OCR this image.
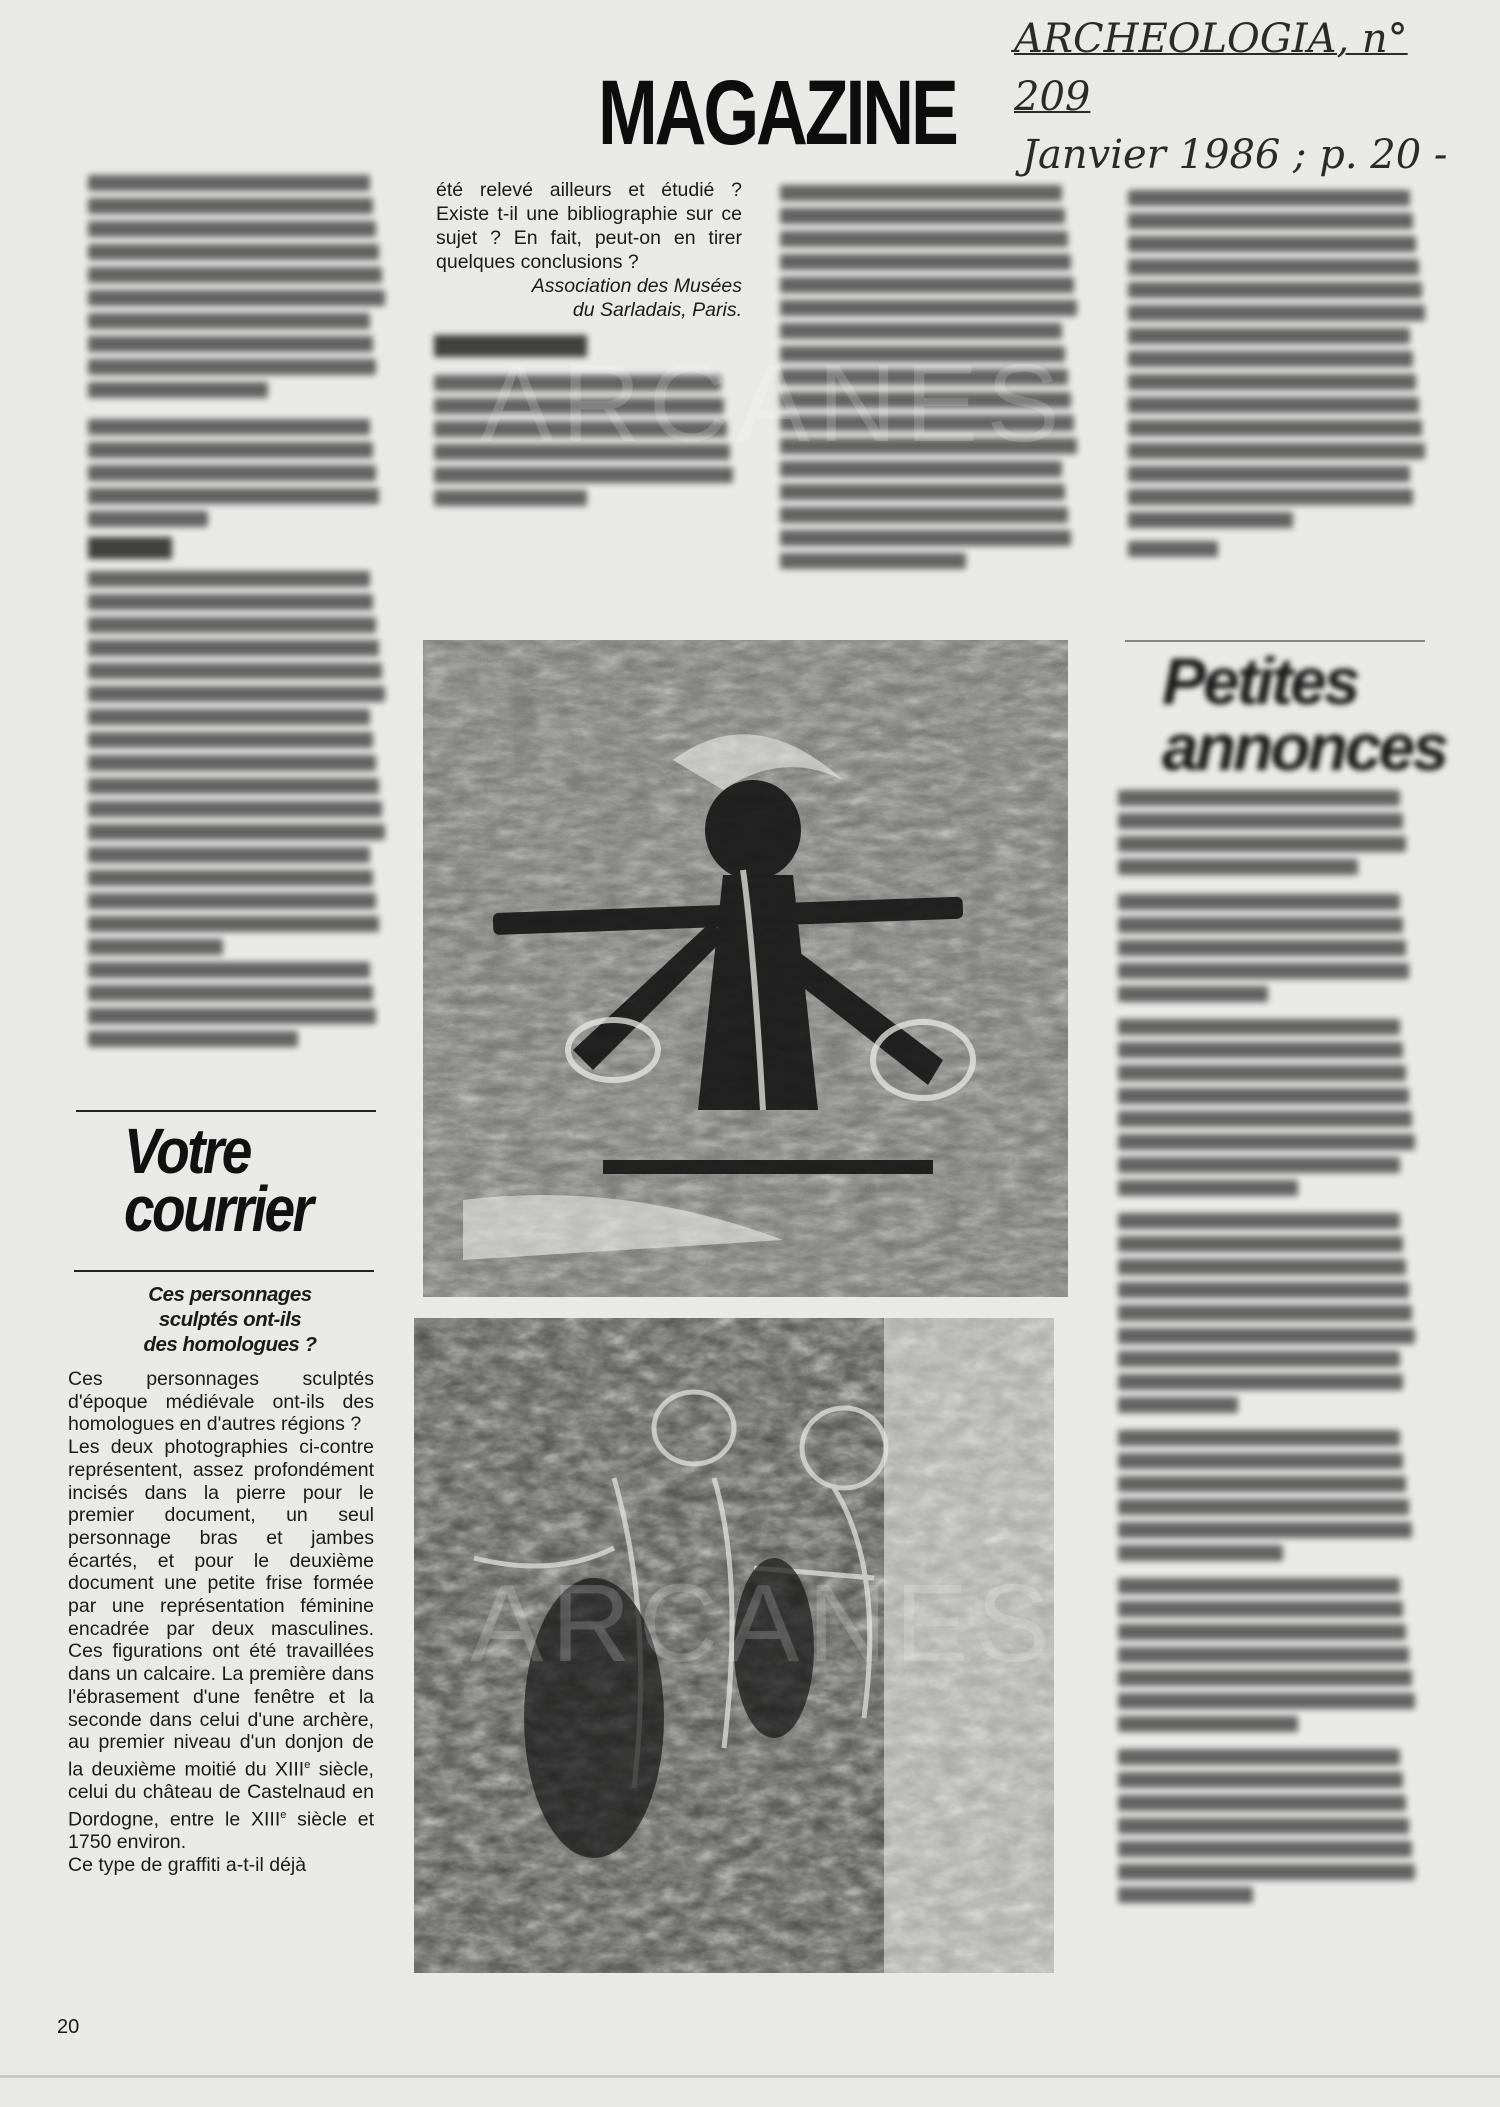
ARCHEOLOGIA, n° 209
Janvier 1986 ; p. 20 -
MAGAZINE
Votre
courrier
Ces personnages
sculptés ont-ils
des homologues ?

Ces personnages sculptés d'époque médiévale ont-ils des homologues en d'autres régions ?

Les deux photographies ci-contre représentent, assez profondément incisés dans la pierre pour le premier document, un seul personnage bras et jambes écartés, et pour le deuxième document une petite frise formée par une représentation féminine encadrée par deux masculines. Ces figurations ont été travaillées dans un calcaire. La première dans l'ébrasement d'une fenêtre et la seconde dans celui d'une archère, au premier niveau d'un donjon de la deuxième moitié du XIIIe siècle, celui du château de Castelnaud en Dordogne, entre le XIIIe siècle et 1750 environ.

Ce type de graffiti a-t-il déjà

20
été relevé ailleurs et étudié ? Existe t-il une bibliographie sur ce sujet ? En fait, peut-on en tirer quelques conclusions ?
Association des Musées
du Sarladais, Paris.
Petites annonces
ARCANES
